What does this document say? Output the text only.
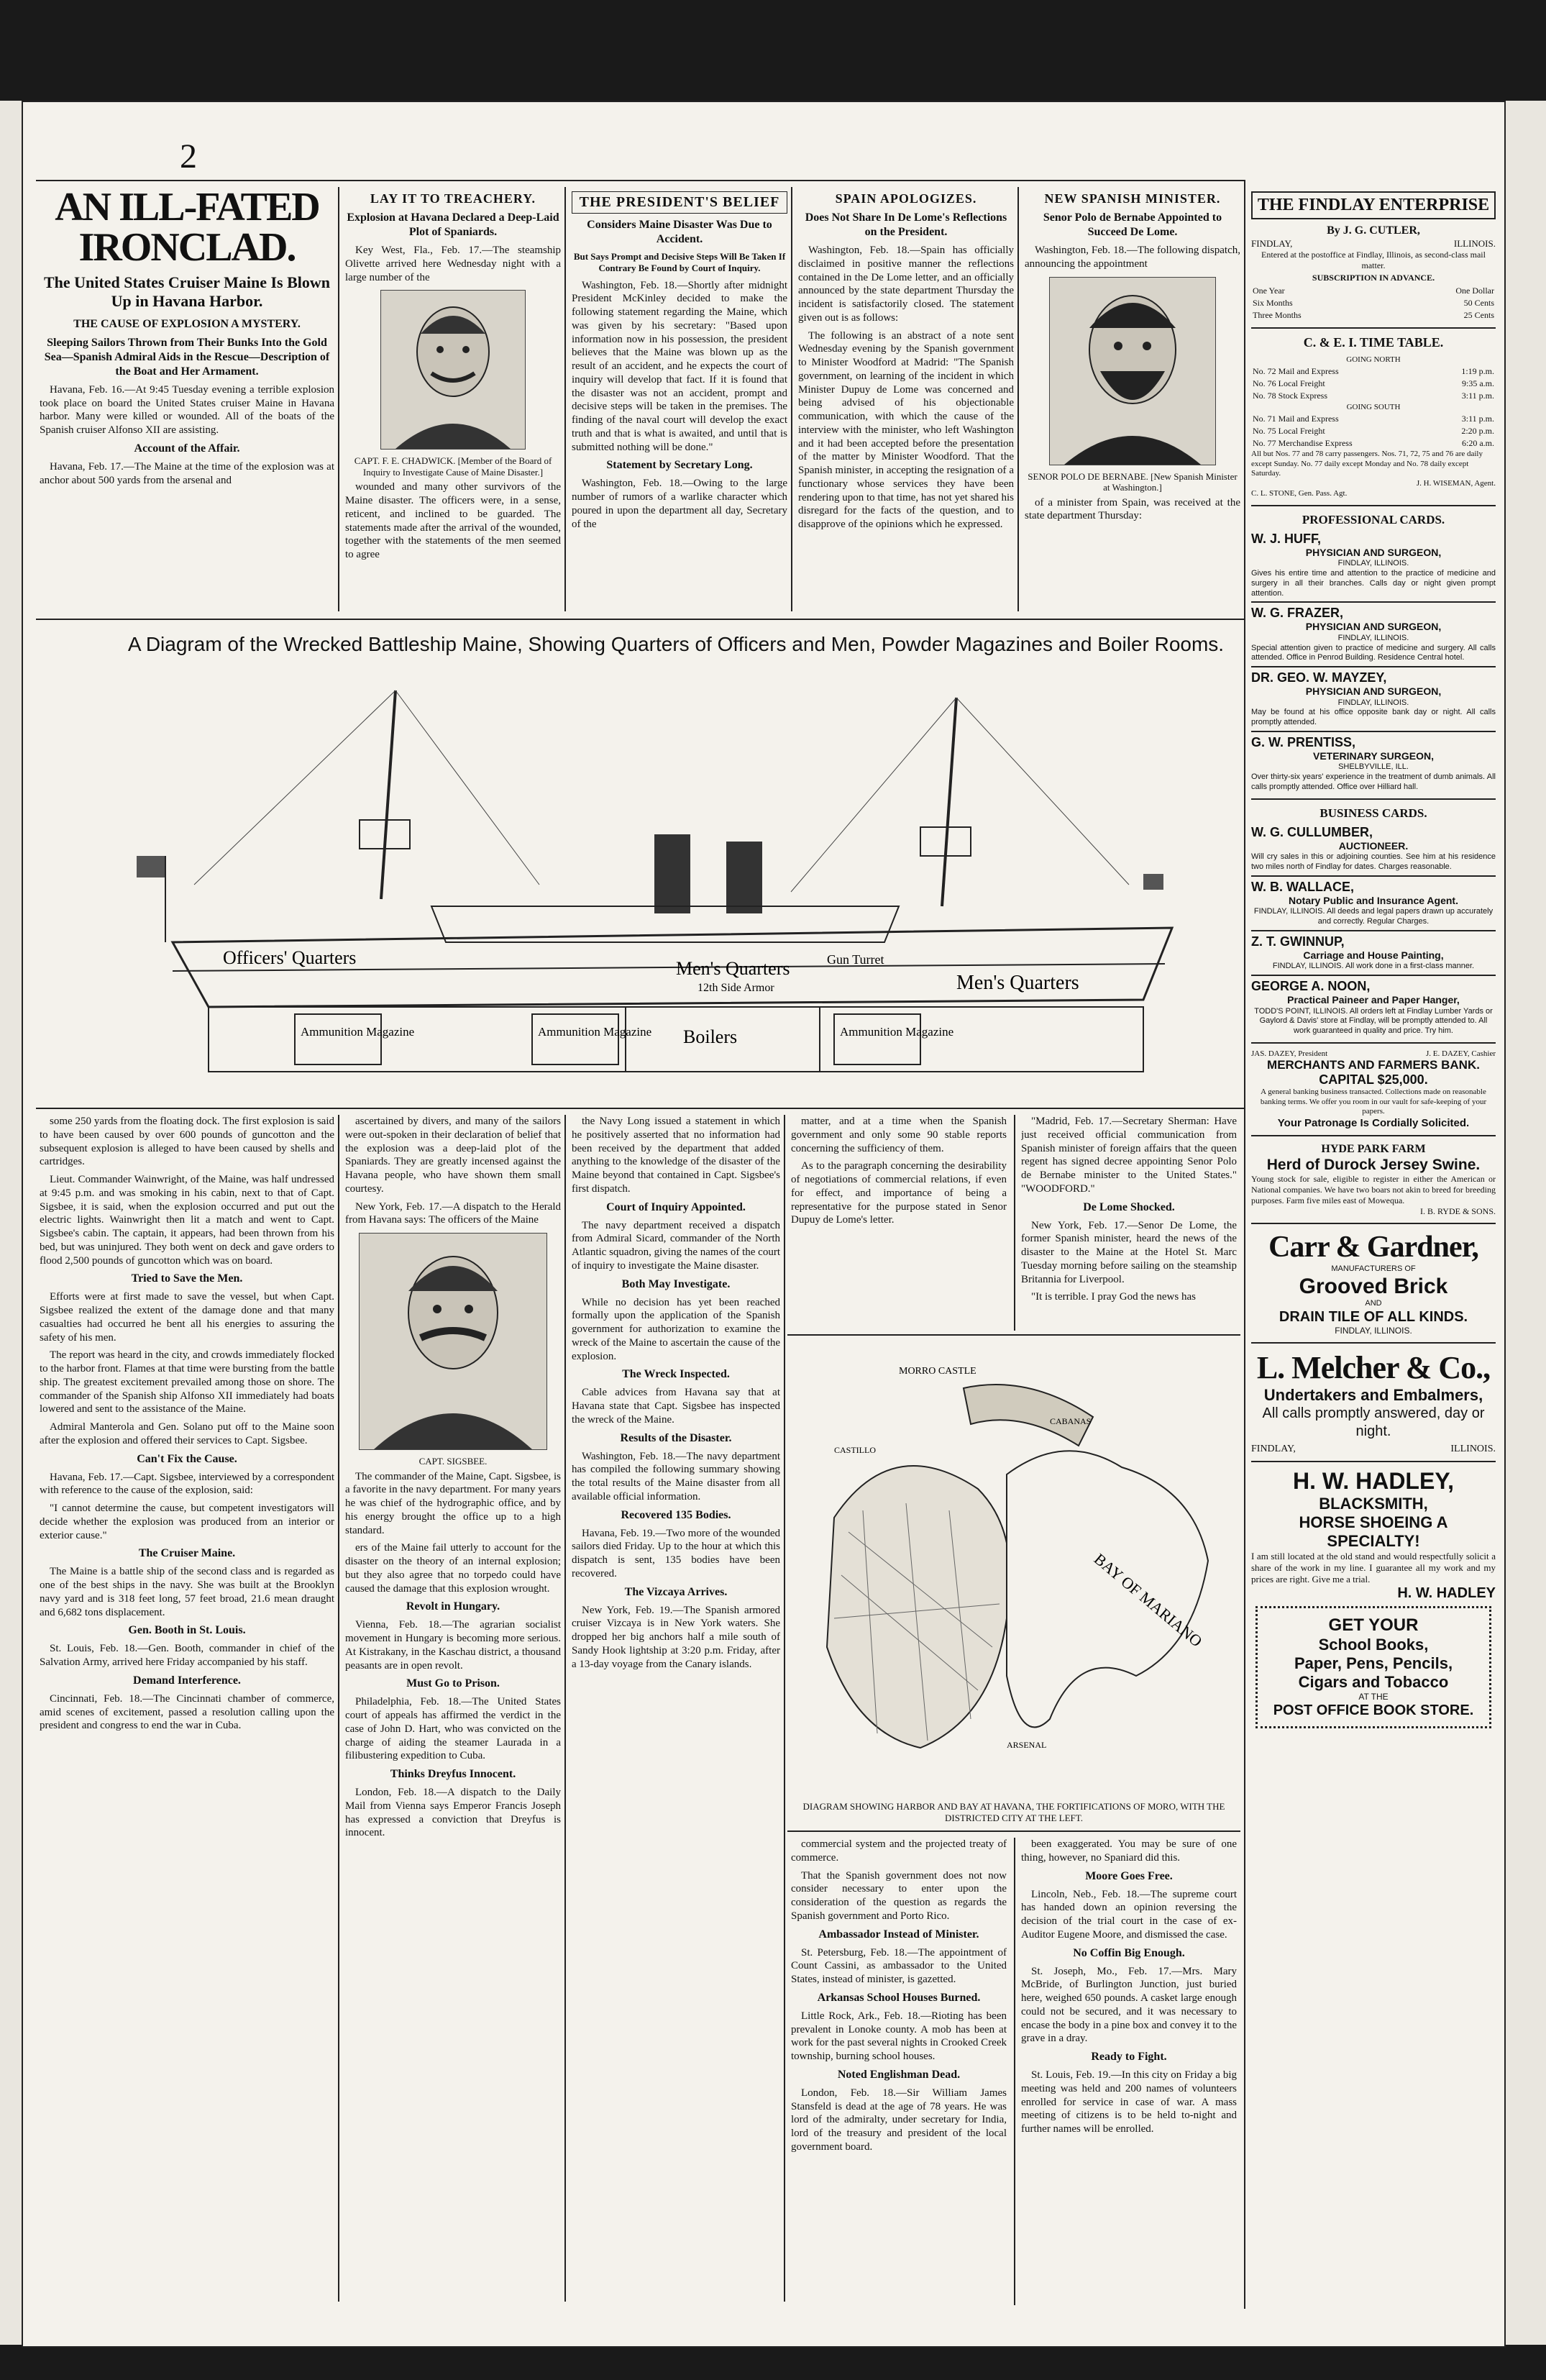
2
AN ILL-FATED IRONCLAD.
The United States Cruiser Maine Is Blown Up in Havana Harbor.
THE CAUSE OF EXPLOSION A MYSTERY.
Sleeping Sailors Thrown from Their Bunks Into the Gold Sea—Spanish Admiral Aids in the Rescue—Description of the Boat and Her Armament.

Havana, Feb. 16.—At 9:45 Tuesday evening a terrible explosion took place on board the United States cruiser Maine in Havana harbor. Many were killed or wounded. All of the boats of the Spanish cruiser Alfonso XII are assisting.

Account of the Affair.

Havana, Feb. 17.—The Maine at the time of the explosion was at anchor about 500 yards from the arsenal and

LAY IT TO TREACHERY.
Explosion at Havana Declared a Deep-Laid Plot of Spaniards.

Key West, Fla., Feb. 17.—The steamship Olivette arrived here Wednesday night with a large number of the

CAPT. F. E. CHADWICK. [Member of the Board of Inquiry to Investigate Cause of Maine Disaster.]

wounded and many other survivors of the Maine disaster. The officers were, in a sense, reticent, and inclined to be guarded. The statements made after the arrival of the wounded, together with the statements of the men seemed to agree

THE PRESIDENT'S BELIEF
Considers Maine Disaster Was Due to Accident.
But Says Prompt and Decisive Steps Will Be Taken If Contrary Be Found by Court of Inquiry.

Washington, Feb. 18.—Shortly after midnight President McKinley decided to make the following statement regarding the Maine, which was given by his secretary: "Based upon information now in his possession, the president believes that the Maine was blown up as the result of an accident, and he expects the court of inquiry will develop that fact. If it is found that the disaster was not an accident, prompt and decisive steps will be taken in the premises. The finding of the naval court will develop the exact truth and that is what is awaited, and until that is submitted nothing will be done."

Statement by Secretary Long.

Washington, Feb. 18.—Owing to the large number of rumors of a warlike character which poured in upon the department all day, Secretary of the

SPAIN APOLOGIZES.
Does Not Share In De Lome's Reflections on the President.

Washington, Feb. 18.—Spain has officially disclaimed in positive manner the reflections contained in the De Lome letter, and an officially announced by the state department Thursday the incident is satisfactorily closed. The statement given out is as follows:

The following is an abstract of a note sent Wednesday evening by the Spanish government to Minister Woodford at Madrid: "The Spanish government, on learning of the incident in which Minister Dupuy de Lome was concerned and being advised of his objectionable communication, with which the cause of the interview with the minister, who left Washington and it had been accepted before the presentation of the matter by Minister Woodford. That the Spanish minister, in accepting the resignation of a functionary whose services they have been rendering upon to that time, has not yet shared his disregard for the facts of the question, and to disapprove of the opinions which he expressed.

NEW SPANISH MINISTER.
Senor Polo de Bernabe Appointed to Succeed De Lome.

Washington, Feb. 18.—The following dispatch, announcing the appointment

SENOR POLO DE BERNABE. [New Spanish Minister at Washington.]

of a minister from Spain, was received at the state department Thursday:

A Diagram of the Wrecked Battleship Maine, Showing Quarters of Officers and Men, Powder Magazines and Boiler Rooms.
Officers' Quarters
Men's Quarters
12th Side Armor
Gun Turret
Men's Quarters
Ammunition Magazine	Ammunition Magazine Boilers	Ammunition Magazine

some 250 yards from the floating dock. The first explosion is said to have been caused by over 600 pounds of guncotton and the subsequent explosion is alleged to have been caused by shells and cartridges.

Lieut. Commander Wainwright, of the Maine, was half undressed at 9:45 p.m. and was smoking in his cabin, next to that of Capt. Sigsbee, it is said, when the explosion occurred and put out the electric lights. Wainwright then lit a match and went to Capt. Sigsbee's cabin. The captain, it appears, had been thrown from his bed, but was uninjured. They both went on deck and gave orders to flood 2,500 pounds of guncotton which was on board.

Tried to Save the Men.

Efforts were at first made to save the vessel, but when Capt. Sigsbee realized the extent of the damage done and that many casualties had occurred he bent all his energies to assuring the safety of his men.

The report was heard in the city, and crowds immediately flocked to the harbor front. Flames at that time were bursting from the battle ship. The greatest excitement prevailed among those on shore. The commander of the Spanish ship Alfonso XII immediately had boats lowered and sent to the assistance of the Maine.

Admiral Manterola and Gen. Solano put off to the Maine soon after the explosion and offered their services to Capt. Sigsbee.

Can't Fix the Cause.

Havana, Feb. 17.—Capt. Sigsbee, interviewed by a correspondent with reference to the cause of the explosion, said:

"I cannot determine the cause, but competent investigators will decide whether the explosion was produced from an interior or exterior cause."

The Cruiser Maine.

The Maine is a battle ship of the second class and is regarded as one of the best ships in the navy. She was built at the Brooklyn navy yard and is 318 feet long, 57 feet broad, 21.6 mean draught and 6,682 tons displacement.

Gen. Booth in St. Louis.

St. Louis, Feb. 18.—Gen. Booth, commander in chief of the Salvation Army, arrived here Friday accompanied by his staff.

Demand Interference.

Cincinnati, Feb. 18.—The Cincinnati chamber of commerce, amid scenes of excitement, passed a resolution calling upon the president and congress to end the war in Cuba.

ascertained by divers, and many of the sailors were out-spoken in their declaration of belief that the explosion was a deep-laid plot of the Spaniards. They are greatly incensed against the Havana people, who have shown them small courtesy.

New York, Feb. 17.—A dispatch to the Herald from Havana says: The officers of the Maine

CAPT. SIGSBEE.

The commander of the Maine, Capt. Sigsbee, is a favorite in the navy department. For many years he was chief of the hydrographic office, and by his energy brought the office up to a high standard.

ers of the Maine fail utterly to account for the disaster on the theory of an internal explosion; but they also agree that no torpedo could have caused the damage that this explosion wrought.

Revolt in Hungary.

Vienna, Feb. 18.—The agrarian socialist movement in Hungary is becoming more serious. At Kistrakany, in the Kaschau district, a thousand peasants are in open revolt.

Must Go to Prison.

Philadelphia, Feb. 18.—The United States court of appeals has affirmed the verdict in the case of John D. Hart, who was convicted on the charge of aiding the steamer Laurada in a filibustering expedition to Cuba.

Thinks Dreyfus Innocent.

London, Feb. 18.—A dispatch to the Daily Mail from Vienna says Emperor Francis Joseph has expressed a conviction that Dreyfus is innocent.

the Navy Long issued a statement in which he positively asserted that no information had been received by the department that added anything to the knowledge of the disaster of the Maine beyond that contained in Capt. Sigsbee's first dispatch.

Court of Inquiry Appointed.

The navy department received a dispatch from Admiral Sicard, commander of the North Atlantic squadron, giving the names of the court of inquiry to investigate the Maine disaster.

Both May Investigate.

While no decision has yet been reached formally upon the application of the Spanish government for authorization to examine the wreck of the Maine to ascertain the cause of the explosion.

The Wreck Inspected.

Cable advices from Havana say that at Havana state that Capt. Sigsbee has inspected the wreck of the Maine.

Results of the Disaster.

Washington, Feb. 18.—The navy department has compiled the following summary showing the total results of the Maine disaster from all available official information.

Recovered 135 Bodies.

Havana, Feb. 19.—Two more of the wounded sailors died Friday. Up to the hour at which this dispatch is sent, 135 bodies have been recovered.

The Vizcaya Arrives.

New York, Feb. 19.—The Spanish armored cruiser Vizcaya is in New York waters. She dropped her big anchors half a mile south of Sandy Hook lightship at 3:20 p.m. Friday, after a 13-day voyage from the Canary islands.

matter, and at a time when the Spanish government and only some 90 stable reports concerning the sufficiency of them.

As to the paragraph concerning the desirability of negotiations of commercial relations, if even for effect, and importance of being a representative for the purpose stated in Senor Dupuy de Lome's letter.

"Madrid, Feb. 17.—Secretary Sherman: Have just received official communication from Spanish minister of foreign affairs that the queen regent has signed decree appointing Senor Polo de Bernabe minister to the United States." "WOODFORD."

De Lome Shocked.

New York, Feb. 17.—Senor De Lome, the former Spanish minister, heard the news of the disaster to the Maine at the Hotel St. Marc Tuesday morning before sailing on the steamship Britannia for Liverpool.

"It is terrible. I pray God the news has

MORRO CASTLE
BAY OF MARIANO
CABANAS
CASTILLO
ARSENAL
DIAGRAM SHOWING HARBOR AND BAY AT HAVANA, THE FORTIFICATIONS OF MORO, WITH THE DISTRICTED CITY AT THE LEFT.

commercial system and the projected treaty of commerce.

That the Spanish government does not now consider necessary to enter upon the consideration of the question as regards the Spanish government and Porto Rico.

Ambassador Instead of Minister.

St. Petersburg, Feb. 18.—The appointment of Count Cassini, as ambassador to the United States, instead of minister, is gazetted.

Arkansas School Houses Burned.

Little Rock, Ark., Feb. 18.—Rioting has been prevalent in Lonoke county. A mob has been at work for the past several nights in Crooked Creek township, burning school houses.

Noted Englishman Dead.

London, Feb. 18.—Sir William James Stansfeld is dead at the age of 78 years. He was lord of the admiralty, under secretary for India, lord of the treasury and president of the local government board.

been exaggerated. You may be sure of one thing, however, no Spaniard did this.

Moore Goes Free.

Lincoln, Neb., Feb. 18.—The supreme court has handed down an opinion reversing the decision of the trial court in the case of ex-Auditor Eugene Moore, and dismissed the case.

No Coffin Big Enough.

St. Joseph, Mo., Feb. 17.—Mrs. Mary McBride, of Burlington Junction, just buried here, weighed 650 pounds. A casket large enough could not be secured, and it was necessary to encase the body in a pine box and convey it to the grave in a dray.

Ready to Fight.

St. Louis, Feb. 19.—In this city on Friday a big meeting was held and 200 names of volunteers enrolled for service in case of war. A mass meeting of citizens is to be held to-night and further names will be enrolled.

THE FINDLAY ENTERPRISE
By J. G. CUTLER,
FINDLAY,	ILLINOIS.
Entered at the postoffice at Findlay, Illinois, as second-class mail matter.
SUBSCRIPTION IN ADVANCE.
One Year	One Dollar
Six Months	50 Cents
Three Months	25 Cents
C. & E. I. TIME TABLE.
GOING NORTH
No. 72 Mail and Express	1:19 p.m.
No. 76 Local Freight	9:35 a.m.
No. 78 Stock Express	3:11 p.m.
GOING SOUTH
No. 71 Mail and Express	3:11 p.m.
No. 75 Local Freight	2:20 p.m.
No. 77 Merchandise Express	6:20 a.m.
All but Nos. 77 and 78 carry passengers. Nos. 71, 72, 75 and 76 are daily except Sunday. No. 77 daily except Monday and No. 78 daily except Saturday.
J. H. WISEMAN, Agent.
C. L. STONE, Gen. Pass. Agt.
PROFESSIONAL CARDS.
W. J. HUFF,
PHYSICIAN AND SURGEON,
FINDLAY, ILLINOIS.
Gives his entire time and attention to the practice of medicine and surgery in all their branches. Calls day or night given prompt attention.
W. G. FRAZER,
PHYSICIAN AND SURGEON,
FINDLAY, ILLINOIS.
Special attention given to practice of medicine and surgery. All calls attended. Office in Penrod Building. Residence Central hotel.
DR. GEO. W. MAYZEY,
PHYSICIAN AND SURGEON,
FINDLAY, ILLINOIS.
May be found at his office opposite bank day or night. All calls promptly attended.
G. W. PRENTISS,
VETERINARY SURGEON,
SHELBYVILLE, ILL.
Over thirty-six years' experience in the treatment of dumb animals. All calls promptly attended. Office over Hilliard hall.
BUSINESS CARDS.
W. G. CULLUMBER,
AUCTIONEER.
Will cry sales in this or adjoining counties. See him at his residence two miles north of Findlay for dates. Charges reasonable.
W. B. WALLACE,
Notary Public and Insurance Agent.
FINDLAY, ILLINOIS. All deeds and legal papers drawn up accurately and correctly. Regular Charges.
Z. T. GWINNUP,
Carriage and House Painting,
FINDLAY, ILLINOIS. All work done in a first-class manner.
GEORGE A. NOON,
Practical Paineer and Paper Hanger,
TODD'S POINT, ILLINOIS. All orders left at Findlay Lumber Yards or Gaylord & Davis' store at Findlay, will be promptly attended to. All work guaranteed in quality and price. Try him.
JAS. DAZEY, President	J. E. DAZEY, Cashier
MERCHANTS AND FARMERS BANK.
CAPITAL $25,000.
A general banking business transacted. Collections made on reasonable banking terms. We offer you room in our vault for safe-keeping of your papers.
Your Patronage Is Cordially Solicited.
HYDE PARK FARM
Herd of Durock Jersey Swine.
Young stock for sale, eligible to register in either the American or National companies. We have two boars not akin to breed for breeding purposes. Farm five miles east of Mowequa.
I. B. RYDE & SONS.
Carr & Gardner,
MANUFACTURERS OF
Grooved Brick
AND
DRAIN TILE OF ALL KINDS.
FINDLAY, ILLINOIS.
L. Melcher & Co.,
Undertakers and Embalmers,
All calls promptly answered, day or night.
FINDLAY,	ILLINOIS.
H. W. HADLEY,
BLACKSMITH,
HORSE SHOEING A SPECIALTY!
I am still located at the old stand and would respectfully solicit a share of the work in my line. I guarantee all my work and my prices are right. Give me a trial.
H. W. HADLEY
GET YOUR
School Books,
Paper, Pens, Pencils,
Cigars and Tobacco
AT THE
POST OFFICE BOOK STORE.
